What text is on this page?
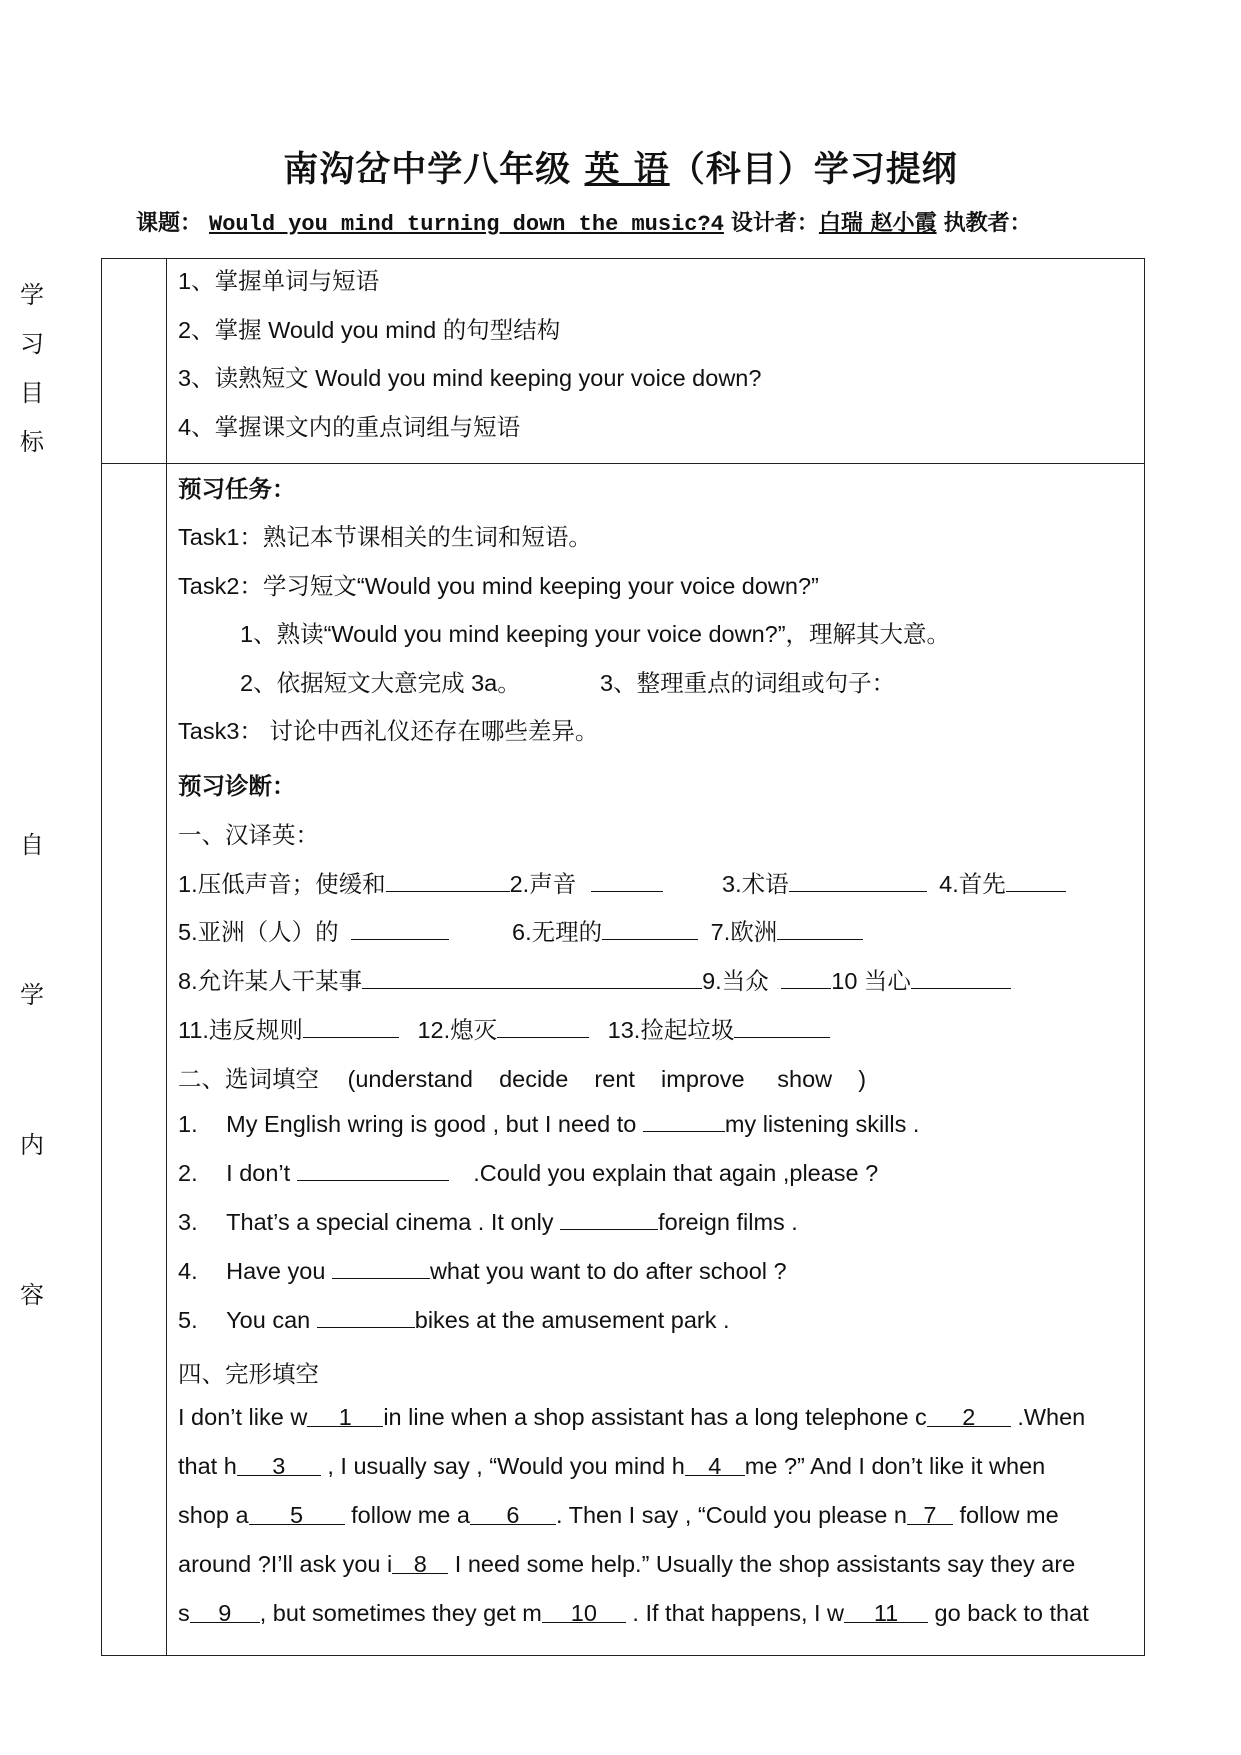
南沟岔中学八年级 英 语（科目）学习提纲
课题： Would you mind turning down the music?4 设计者：白瑞 赵小霞 执教者：

学
习
目
标
自
学
内
容
1、掌握单词与短语
2、掌握 Would you mind 的句型结构
3、读熟短文 Would you mind keeping your voice down?
4、掌握课文内的重点词组与短语
预习任务：
Task1：熟记本节课相关的生词和短语。
Task2：学习短文“Would you mind keeping your voice down?”
1、熟读“Would you mind keeping your voice down?”，理解其大意。
2、依据短文大意完成 3a。	3、整理重点的词组或句子：
Task3： 讨论中西礼仪还存在哪些差异。
预习诊断：
一、汉译英：
1.压低声音；使缓和	2.声音	3.术语	4.首先
5.亚洲（人）的	6.无理的	7.欧洲
8.允许某人干某事	9.当众	10 当心
11.违反规则	12.熄灭	13.捡起垃圾
二、选词填空 (understand    decide    rent    improve     show    )
1. My English wring is good , but I need to	my listening skills .
2. I don’t	.Could you explain that again ,please ?
3. That’s a special cinema . It only	foreign films .
4. Have you	what you want to do after school ?
5. You can	bikes at the amusement park .
四、完形填空
I don’t like w 1 in line when a shop assistant has a long telephone c 2 .When
that h 3 , I usually say , “Would you mind h 4 me ?” And I don’t like it when
shop a 5 follow me a 6 . Then I say , “Could you please n 7 follow me
around ?I’ll ask you i 8 I need some help.” Usually the shop assistants say they are
s 9 , but sometimes they get m 10 . If that happens, I w 11 go back to that
